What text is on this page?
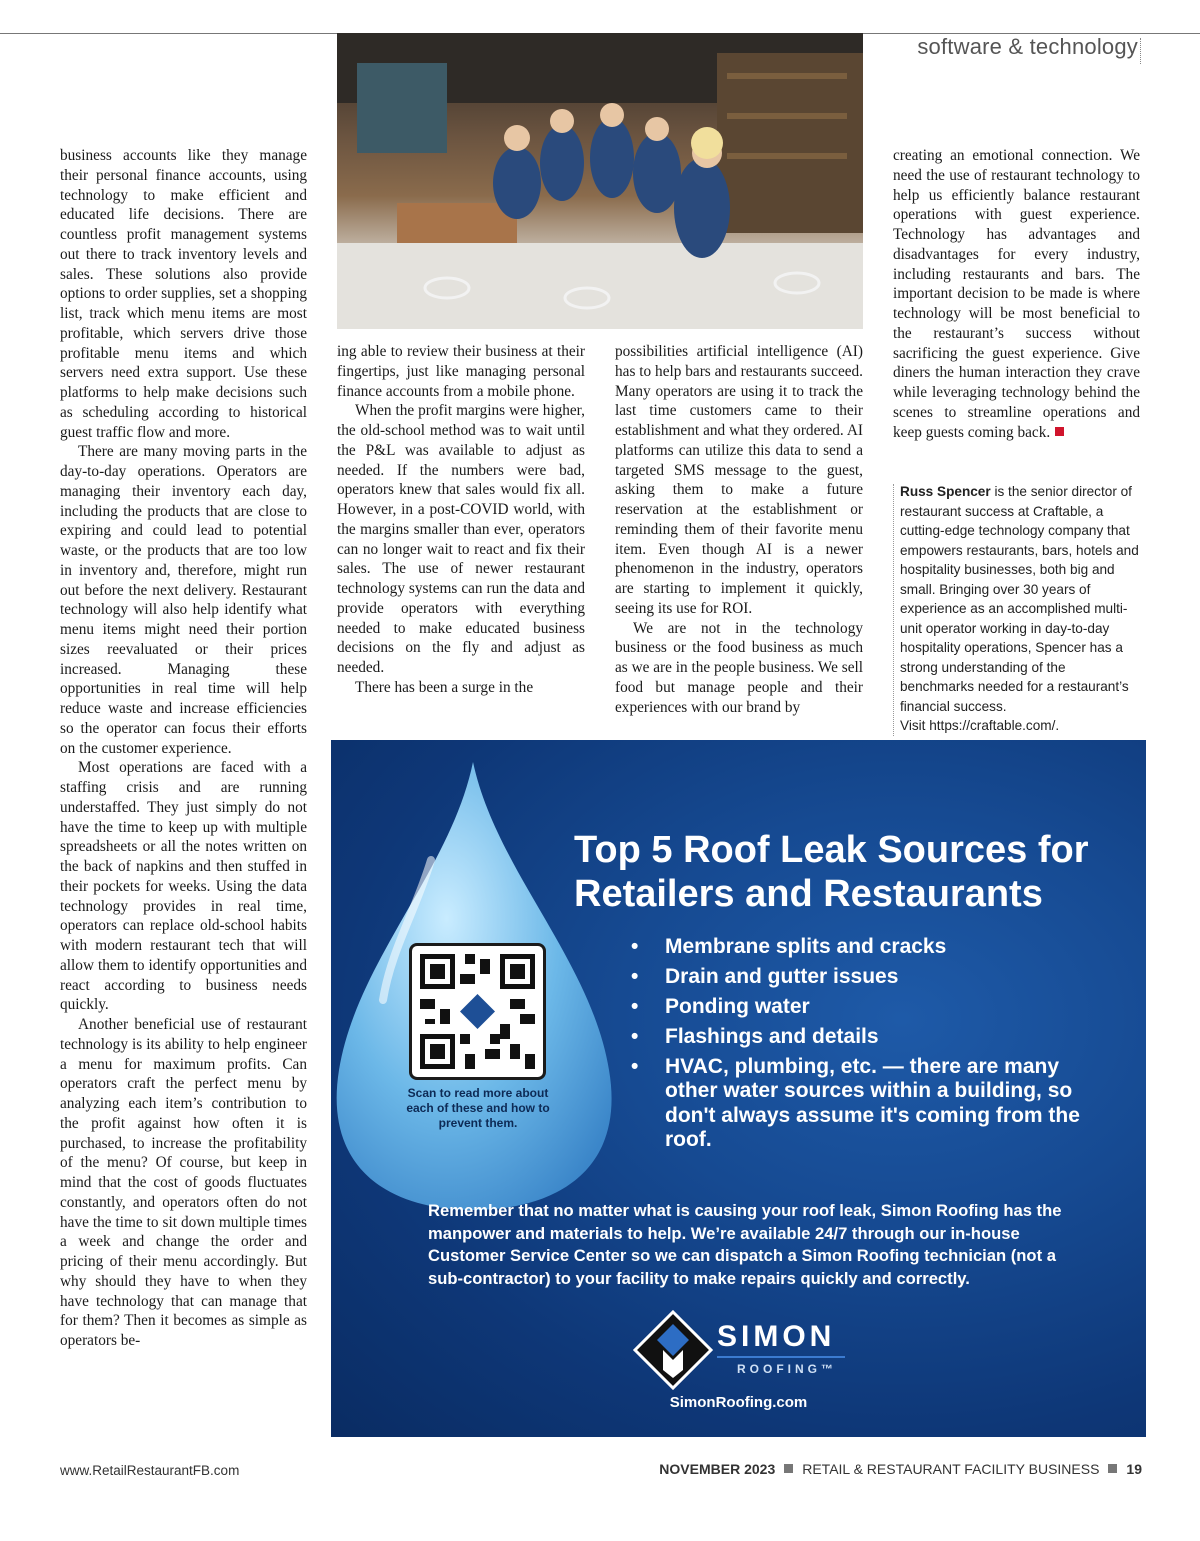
software & technology

business accounts like they manage their personal finance accounts, using technology to make efficient and educated life decisions. There are countless profit management systems out there to track inventory levels and sales. These solutions also provide options to order supplies, set a shopping list, track which menu items are most profitable, which servers drive those profitable menu items and which servers need extra support. Use these platforms to help make decisions such as scheduling according to historical guest traffic flow and more.

There are many moving parts in the day-to-day operations. Operators are managing their inventory each day, including the products that are close to expiring and could lead to potential waste, or the products that are too low in inventory and, therefore, might run out before the next delivery. Restaurant technology will also help identify what menu items might need their portion sizes reevaluated or their prices increased. Managing these opportunities in real time will help reduce waste and increase efficiencies so the operator can focus their efforts on the customer experience.

Most operations are faced with a staffing crisis and are running understaffed. They just simply do not have the time to keep up with multiple spreadsheets or all the notes written on the back of napkins and then stuffed in their pockets for weeks. Using the data technology provides in real time, operators can replace old-school habits with modern restaurant tech that will allow them to identify opportunities and react according to business needs quickly.

Another beneficial use of restaurant technology is its ability to help engineer a menu for maximum profits. Can operators craft the perfect menu by analyzing each item’s contribution to the profit against how often it is purchased, to increase the profitability of the menu? Of course, but keep in mind that the cost of goods fluctuates constantly, and operators often do not have the time to sit down multiple times a week and change the order and pricing of their menu accordingly. But why should they have to when they have technology that can manage that for them? Then it becomes as simple as operators be-

ing able to review their business at their fingertips, just like managing personal finance accounts from a mobile phone.

When the profit margins were higher, the old-school method was to wait until the P&L was available to adjust as needed. If the numbers were bad, operators knew that sales would fix all. However, in a post-COVID world, with the margins smaller than ever, operators can no longer wait to react and fix their sales. The use of newer restaurant technology systems can run the data and provide operators with everything needed to make educated business decisions on the fly and adjust as needed.

There has been a surge in the

possibilities artificial intelligence (AI) has to help bars and restaurants succeed. Many operators are using it to track the last time customers came to their establishment and what they ordered. AI platforms can utilize this data to send a targeted SMS message to the guest, asking them to make a future reservation at the establishment or reminding them of their favorite menu item. Even though AI is a newer phenomenon in the industry, operators are starting to implement it quickly, seeing its use for ROI.

We are not in the technology business or the food business as much as we are in the people business. We sell food but manage people and their experiences with our brand by

creating an emotional connection. We need the use of restaurant technology to help us efficiently balance restaurant operations with guest experience. Technology has advantages and disadvantages for every industry, including restaurants and bars. The important decision to be made is where technology will be most beneficial to the restaurant’s success without sacrificing the guest experience. Give diners the human interaction they crave while leveraging technology behind the scenes to streamline operations and keep guests coming back.

Russ Spencer is the senior director of restaurant success at Craftable, a cutting-edge technology company that empowers restaurants, bars, hotels and hospitality businesses, both big and small. Bringing over 30 years of experience as an accomplished multi-unit operator working in day-to-day hospitality operations, Spencer has a strong understanding of the benchmarks needed for a restaurant’s financial success.
Visit https://craftable.com/.
Scan to read more about each of these and how to prevent them.
Top 5 Roof Leak Sources for Retailers and Restaurants
• Membrane splits and cracks
• Drain and gutter issues
• Ponding water
• Flashings and details
• HVAC, plumbing, etc. — there are many other water sources within a building, so don't always assume it's coming from the roof.
Remember that no matter what is causing your roof leak, Simon Roofing has the manpower and materials to help. We’re available 24/7 through our in-house Customer Service Center so we can dispatch a Simon Roofing technician (not a sub-contractor) to your facility to make repairs quickly and correctly.
SIMON
ROOFING™
SimonRoofing.com
www.RetailRestaurantFB.com	NOVEMBER 2023 RETAIL & RESTAURANT FACILITY BUSINESS 19
